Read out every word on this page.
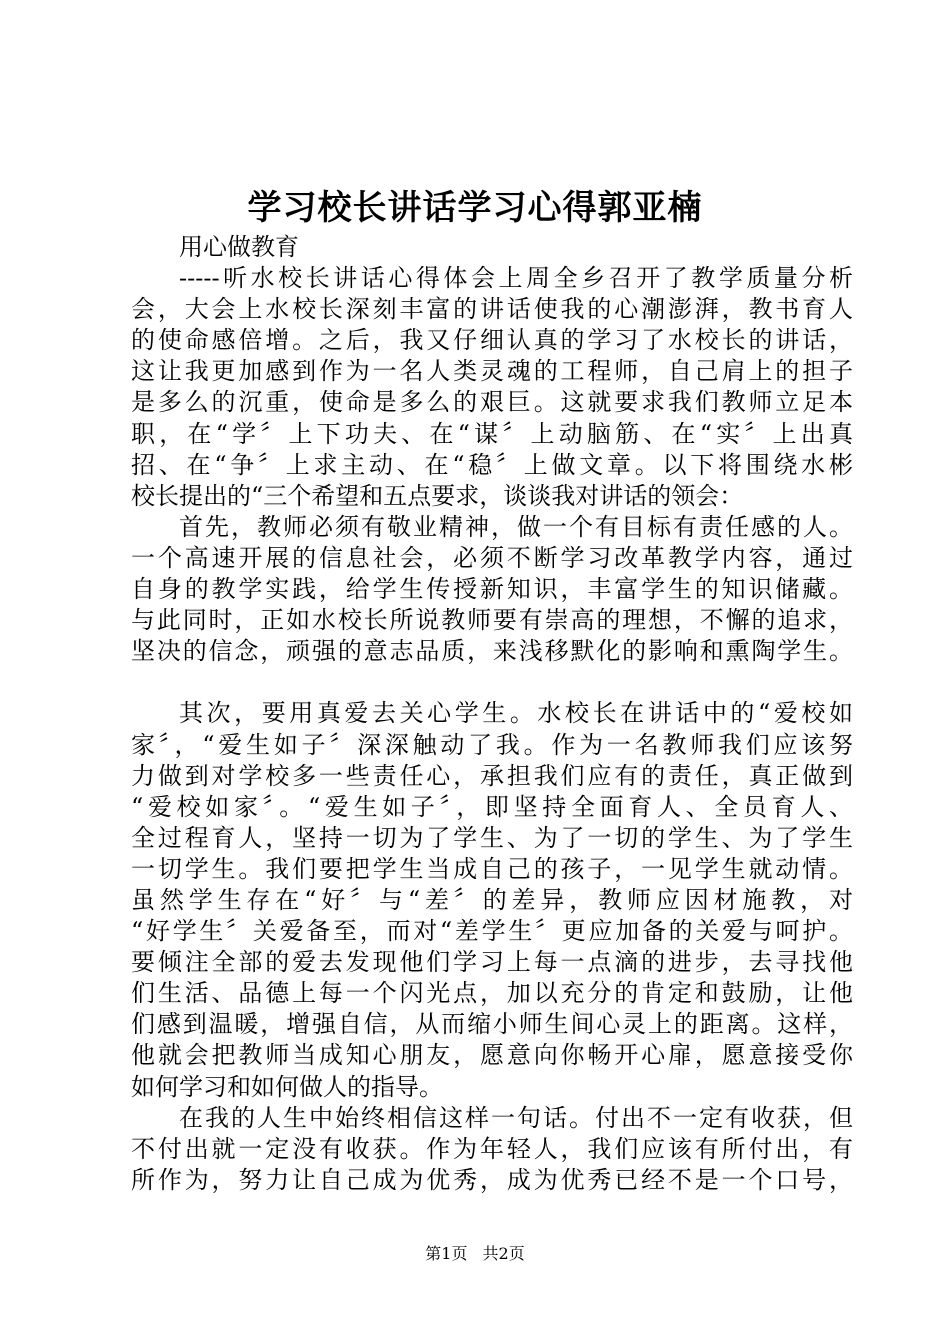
学习校长讲话学习心得郭亚楠
用心做教育
-----听水校长讲话心得体会上周全乡召开了教学质量分析
会，大会上水校长深刻丰富的讲话使我的心潮澎湃，教书育人
的使命感倍增。之后，我又仔细认真的学习了水校长的讲话，
这让我更加感到作为一名人类灵魂的工程师，自己肩上的担子
是多么的沉重，使命是多么的艰巨。这就要求我们教师立足本
职，在“学〞上下功夫、在“谋〞上动脑筋、在“实〞上出真
招、在“争〞上求主动、在“稳〞上做文章。以下将围绕水彬
校长提出的“三个希望和五点要求，谈谈我对讲话的领会：
首先，教师必须有敬业精神，做一个有目标有责任感的人。
一个高速开展的信息社会，必须不断学习改革教学内容，通过
自身的教学实践，给学生传授新知识，丰富学生的知识储藏。
与此同时，正如水校长所说教师要有崇高的理想，不懈的追求，
坚决的信念，顽强的意志品质，来浅移默化的影响和熏陶学生。
其次，要用真爱去关心学生。水校长在讲话中的“爱校如
家〞，“爱生如子〞深深触动了我。作为一名教师我们应该努
力做到对学校多一些责任心，承担我们应有的责任，真正做到
“爱校如家〞。“爱生如子〞，即坚持全面育人、全员育人、
全过程育人，坚持一切为了学生、为了一切的学生、为了学生
一切学生。我们要把学生当成自己的孩子，一见学生就动情。
虽然学生存在“好〞与“差〞的差异，教师应因材施教，对
“好学生〞关爱备至，而对“差学生〞更应加备的关爱与呵护。
要倾注全部的爱去发现他们学习上每一点滴的进步，去寻找他
们生活、品德上每一个闪光点，加以充分的肯定和鼓励，让他
们感到温暖，增强自信，从而缩小师生间心灵上的距离。这样，
他就会把教师当成知心朋友，愿意向你畅开心扉，愿意接受你
如何学习和如何做人的指导。
在我的人生中始终相信这样一句话。付出不一定有收获，但
不付出就一定没有收获。作为年轻人，我们应该有所付出，有
所作为，努力让自己成为优秀，成为优秀已经不是一个口号，
第1页 共2页
